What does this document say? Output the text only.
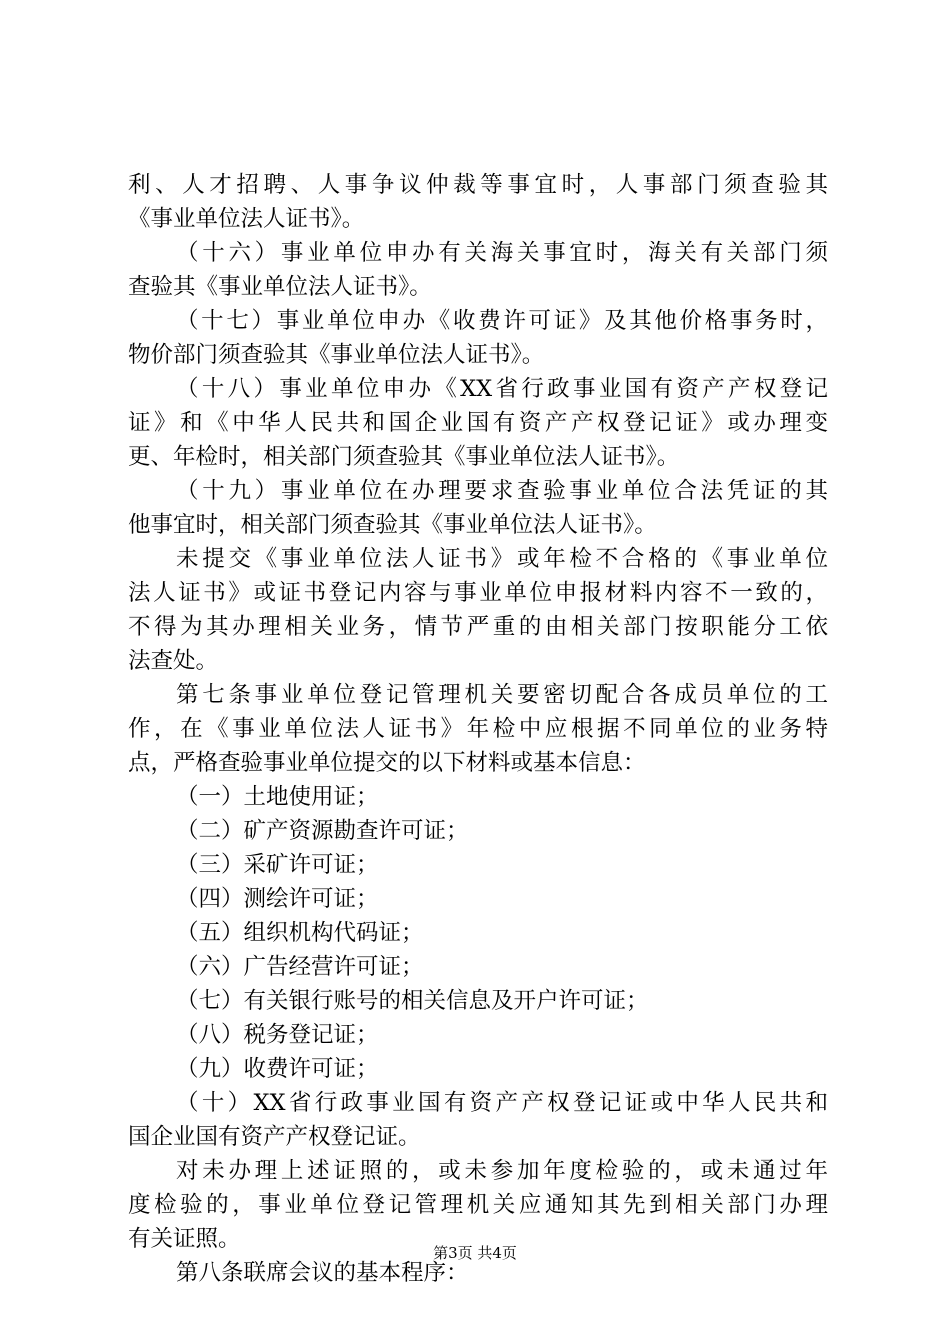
利、人才招聘、人事争议仲裁等事宜时，人事部门须查验其
《事业单位法人证书》。
（十六）事业单位申办有关海关事宜时，海关有关部门须
查验其《事业单位法人证书》。
（十七）事业单位申办《收费许可证》及其他价格事务时，
物价部门须查验其《事业单位法人证书》。
（十八）事业单位申办《XX省行政事业国有资产产权登记
证》和《中华人民共和国企业国有资产产权登记证》或办理变
更、年检时，相关部门须查验其《事业单位法人证书》。
（十九）事业单位在办理要求查验事业单位合法凭证的其
他事宜时，相关部门须查验其《事业单位法人证书》。
未提交《事业单位法人证书》或年检不合格的《事业单位
法人证书》或证书登记内容与事业单位申报材料内容不一致的，
不得为其办理相关业务，情节严重的由相关部门按职能分工依
法查处。
第七条事业单位登记管理机关要密切配合各成员单位的工
作，在《事业单位法人证书》年检中应根据不同单位的业务特
点，严格查验事业单位提交的以下材料或基本信息：
（一）土地使用证；
（二）矿产资源勘查许可证；
（三）采矿许可证；
（四）测绘许可证；
（五）组织机构代码证；
（六）广告经营许可证；
（七）有关银行账号的相关信息及开户许可证；
（八）税务登记证；
（九）收费许可证；
（十）XX省行政事业国有资产产权登记证或中华人民共和
国企业国有资产产权登记证。
对未办理上述证照的，或未参加年度检验的，或未通过年
度检验的，事业单位登记管理机关应通知其先到相关部门办理
有关证照。
第八条联席会议的基本程序：
第3页 共4页
